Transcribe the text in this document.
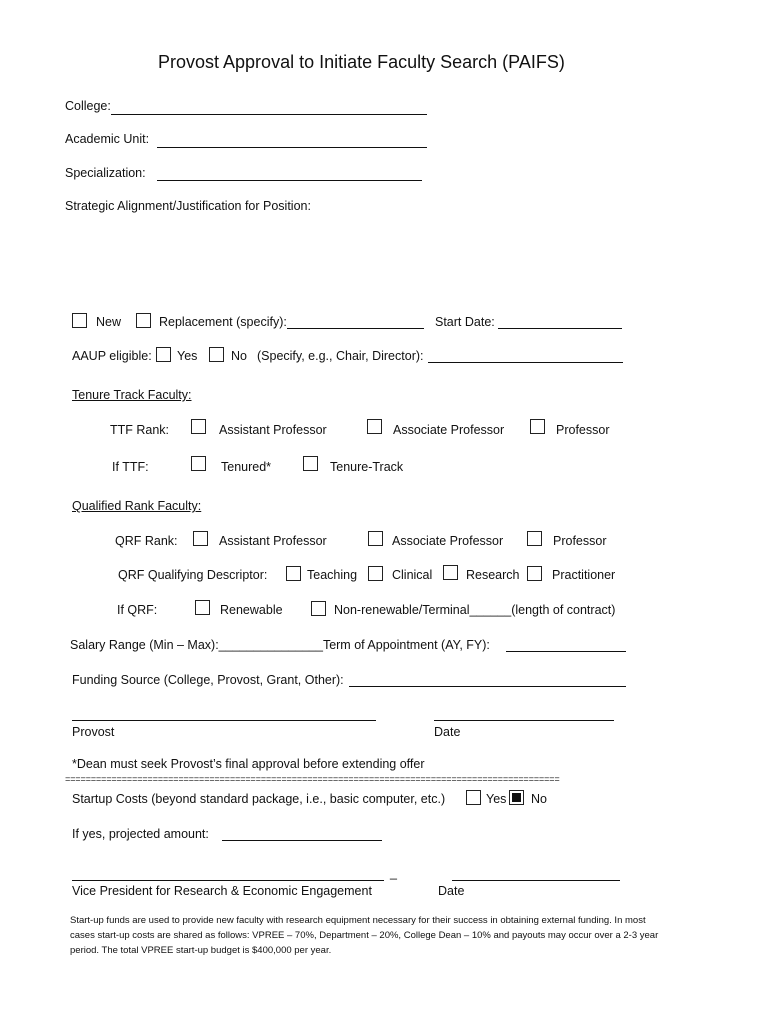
Provost Approval to Initiate Faculty Search (PAIFS)
College:
Academic Unit:
Specialization:
Strategic Alignment/Justification for Position:
New	Replacement (specify):	Start Date:
AAUP eligible: Yes	No (Specify, e.g., Chair, Director):
Tenure Track Faculty:
TTF Rank:	Assistant Professor	Associate Professor	Professor
If TTF:	Tenured*	Tenure-Track
Qualified Rank Faculty:
QRF Rank:	Assistant Professor	Associate Professor	Professor
QRF Qualifying Descriptor:	Teaching	Clinical	Research	Practitioner
If QRF:	Renewable	Non-renewable/Terminal______(length of contract)
Salary Range (Min – Max):_______________Term of Appointment (AY, FY):
Funding Source (College, Provost, Grant, Other):
Provost	Date
*Dean must seek Provost’s final approval before extending offer
================================================================================================
Startup Costs (beyond standard package, i.e., basic computer, etc.)	Yes No
If yes, projected amount:
_
Vice President for Research & Economic Engagement	Date
Start-up funds are used to provide new faculty with research equipment necessary for their success in obtaining external funding. In most cases start-up costs are shared as follows: VPREE – 70%, Department – 20%, College Dean – 10% and payouts may occur over a 2-3 year period. The total VPREE start-up budget is $400,000 per year.
